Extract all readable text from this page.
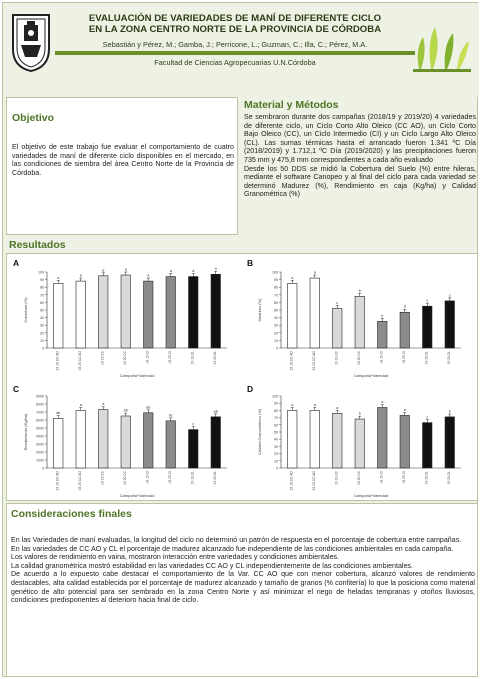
EVALUACIÓN DE VARIEDADES DE MANÍ DE DIFERENTE CICLO
EN LA ZONA CENTRO NORTE DE LA PROVINCIA DE CÓRDOBA
Sebastián y Pérez, M.; Gamba, J.; Perricone, L.; Guzman, C.; Illa, C.; Pérez, M.A.
Facultad de Ciencias Agropecuarias U.N.Córdoba
Objetivo
El objetivo de este trabajo fue evaluar el comportamiento de cuatro variedades de maní de diferente ciclo disponibles en el mercado, en las condiciones de siembra del área Centro Norte de la Provincia de Córdoba.
Material y Métodos
Se sembraron durante dos campañas (2018/19 y 2019/20) 4 variedades de diferente ciclo, un Ciclo Corto Alto Oleico (CC AO), un Ciclo Corto Bajo Oleico (CC), un Ciclo Intermedio (CI) y un Ciclo Largo Alto Oleico (CL). Las sumas térmicas hasta el arrancado fueron 1.341 ºC Día (2018/2019) y 1.712,1 ºC Día (2019/2020) y las precipitaciones fueron 735 mm y 475,8 mm correspondientes a cada año evaluado
Desde los 50 DDS se midió la Cobertura del Suelo (%) entre hileras, mediante el software Canopeo y al final del ciclo para cada variedad se determinó Madurez (%), Rendimiento en caja (Kg/ha) y Calidad Granométrica (%)
Resultados
A
0
10
20
30
40
50
60
70
80
90
100
Cobertura (%)
a
19 19 CC AO
a
19 20 CC AO
a
19 19 CC
a
19 20 CC
a
19 19 CI
a
19 20 CI
a
19 19 CL
a
19 20 CL
Campaña*Variedad
B
0
10
20
30
40
50
60
70
80
90
100
Madurez (%)
a
19 19 CC AO
a
19 20 CC AO
c
19 19 CC
b
19 20 CC
e
19 19 CI
d
19 20 CI
c
19 19 CL
c
19 20 CL
Campaña*Variedad
C
0
1000
2000
3000
4000
5000
6000
7000
8000
9000
Rendimiento (Kg/ha)
ab
19 19 CC AO
a
19 20 CC AO
a
19 19 CC
ab
19 20 CC
ab
19 19 CI
bc
19 20 CI
c
19 19 CL
ab
19 20 CL
Campaña*Variedad
D
0
10
20
30
40
50
60
70
80
90
100
Calidad Granométrica (%)
a
19 19 CC AO
a
19 20 CC AO
a
19 19 CC
b
19 20 CC
a
19 19 CI
a
19 20 CI
c
19 19 CL
b
19 20 CL
Campaña*Variedad
Consideraciones finales
En las Variedades de maní evaluadas, la longitud del ciclo no determinó un patrón de respuesta en el porcentaje de cobertura entre campañas.
En las variedades de CC AO y CL el porcentaje de madurez alcanzado fue independiente de las condiciones ambientales en cada campaña.
Los valores de rendimiento en vaina, mostraron interacción entre variedades y condiciones ambientales.
La calidad granométrica mostró estabilidad en las variedades CC AO y CL independientemente de las condiciones ambientales.
De acuerdo a lo expuesto cabe destacar el comportamiento de la Var. CC AO que con menor cobertura, alcanzó valores de rendimiento destacables, alta calidad establecida por el porcentaje de madurez alcanzado y tamaño de granos (% confitería) lo que la posiciona como material genético de alto potencial para ser sembrado en la zona Centro Norte y así minimizar el riego de heladas tempranas y otoños lluviosos, condiciones predisponentes al deterioro hacia final de ciclo.
